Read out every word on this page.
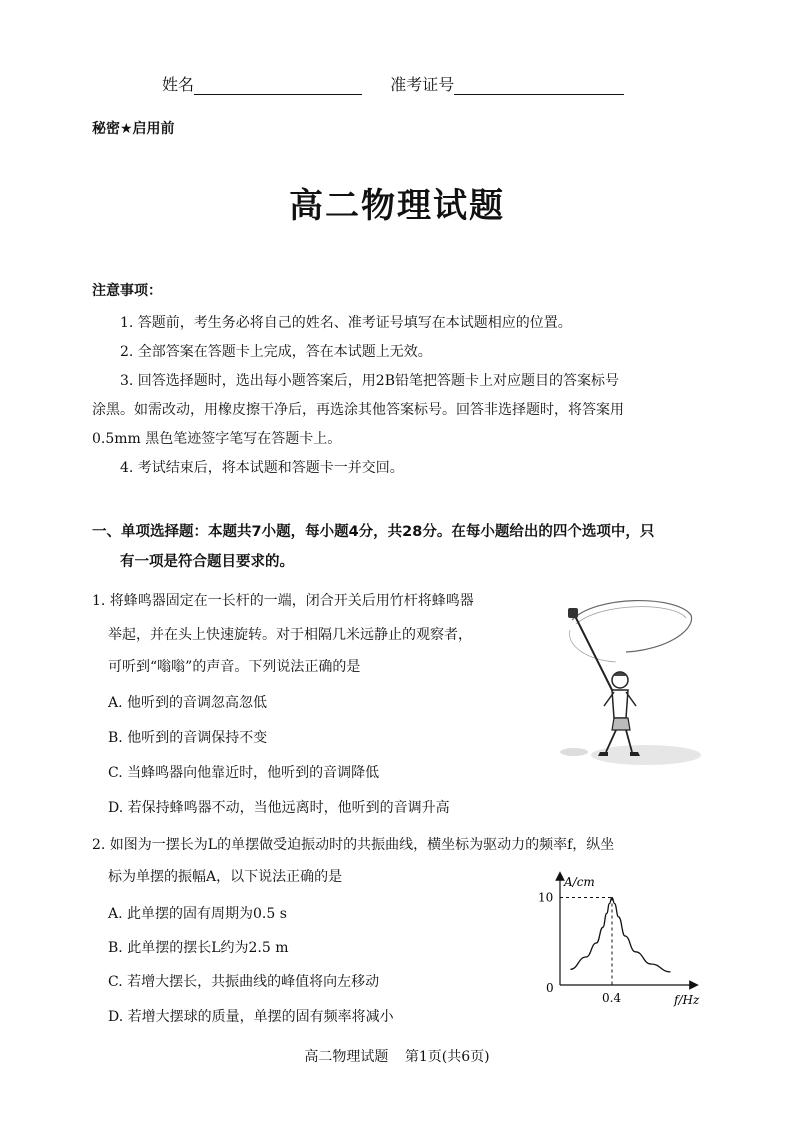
姓名	准考证号
秘密★启用前
高二物理试题
注意事项：
1. 答题前，考生务必将自己的姓名、准考证号填写在本试题相应的位置。
2. 全部答案在答题卡上完成，答在本试题上无效。
3. 回答选择题时，选出每小题答案后，用2B铅笔把答题卡上对应题目的答案标号
涂黑。如需改动，用橡皮擦干净后，再选涂其他答案标号。回答非选择题时，将答案用
0.5mm 黑色笔迹签字笔写在答题卡上。
4. 考试结束后，将本试题和答题卡一并交回。
一、单项选择题：本题共7小题，每小题4分，共28分。在每小题给出的四个选项中，只
有一项是符合题目要求的。
1. 将蜂鸣器固定在一长杆的一端，闭合开关后用竹杆将蜂鸣器
举起，并在头上快速旋转。对于相隔几米远静止的观察者，
可听到“嗡嗡”的声音。下列说法正确的是
A. 他听到的音调忽高忽低
B. 他听到的音调保持不变
C. 当蜂鸣器向他靠近时，他听到的音调降低
D. 若保持蜂鸣器不动，当他远离时，他听到的音调升高
2. 如图为一摆长为L的单摆做受迫振动时的共振曲线，横坐标为驱动力的频率f，纵坐
标为单摆的振幅A，以下说法正确的是
A. 此单摆的固有周期为0.5 s
B. 此单摆的摆长L约为2.5 m
C. 若增大摆长，共振曲线的峰值将向左移动
D. 若增大摆球的质量，单摆的固有频率将减小
A/cm
f/Hz
0
10
0.4
高二物理试题 第1页(共6页)
